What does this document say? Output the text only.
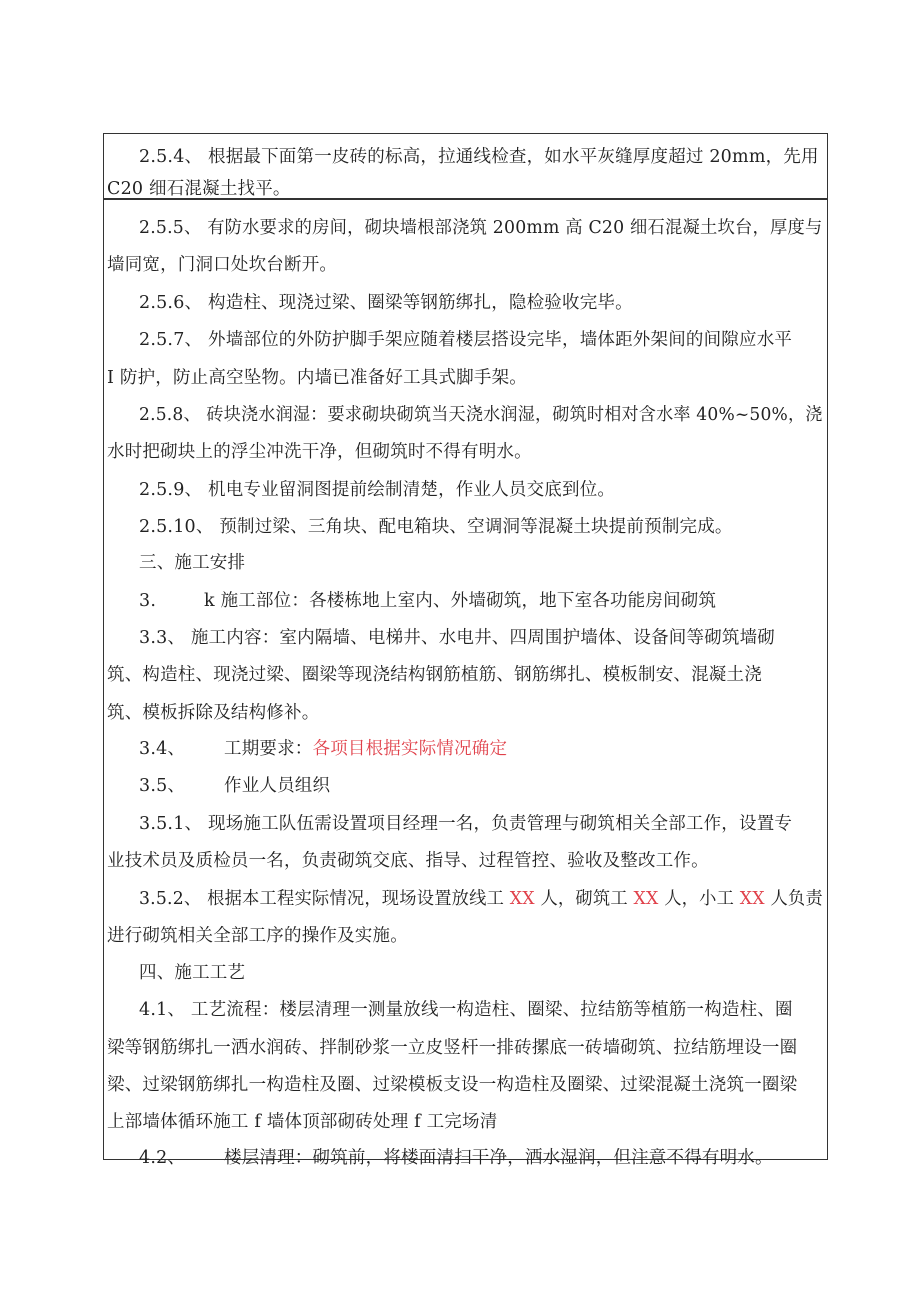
2.5.4、 根据最下面第一皮砖的标高，拉通线检查，如水平灰缝厚度超过 20mm，先用
C20 细石混凝土找平。
2.5.5、 有防水要求的房间，砌块墙根部浇筑 200mm 高 C20 细石混凝土坎台，厚度与
墙同宽，门洞口处坎台断开。
2.5.6、 构造柱、现浇过梁、圈梁等钢筋绑扎，隐检验收完毕。
2.5.7、 外墙部位的外防护脚手架应随着楼层搭设完毕，墙体距外架间的间隙应水平
I 防护，防止高空坠物。内墙已准备好工具式脚手架。
2.5.8、 砖块浇水润湿：要求砌块砌筑当天浇水润湿，砌筑时相对含水率 40%~50%，浇
水时把砌块上的浮尘冲洗干净，但砌筑时不得有明水。
2.5.9、 机电专业留洞图提前绘制清楚，作业人员交底到位。
2.5.10、 预制过梁、三角块、配电箱块、空调洞等混凝土块提前预制完成。
三、施工安排
3.	k 施工部位：各楼栋地上室内、外墙砌筑，地下室各功能房间砌筑
3.3、 施工内容：室内隔墙、电梯井、水电井、四周围护墙体、设备间等砌筑墙砌
筑、构造柱、现浇过梁、圈梁等现浇结构钢筋植筋、钢筋绑扎、模板制安、混凝土浇
筑、模板拆除及结构修补。
3.4、 工期要求：各项目根据实际情况确定
3.5、 作业人员组织
3.5.1、 现场施工队伍需设置项目经理一名，负责管理与砌筑相关全部工作，设置专
业技术员及质检员一名，负责砌筑交底、指导、过程管控、验收及整改工作。
3.5.2、 根据本工程实际情况，现场设置放线工 XX 人，砌筑工 XX 人，小工 XX 人负责
进行砌筑相关全部工序的操作及实施。
四、施工工艺
4.1、 工艺流程：楼层清理一测量放线一构造柱、圈梁、拉结筋等植筋一构造柱、圈
梁等钢筋绑扎一洒水润砖、拌制砂浆一立皮竖杆一排砖摞底一砖墙砌筑、拉结筋埋设一圈
梁、过梁钢筋绑扎一构造柱及圈、过梁模板支设一构造柱及圈梁、过梁混凝土浇筑一圈梁
上部墙体循环施工 f 墙体顶部砌砖处理 f 工完场清
4.2、 楼层清理：砌筑前，将楼面清扫干净，洒水湿润，但注意不得有明水。
